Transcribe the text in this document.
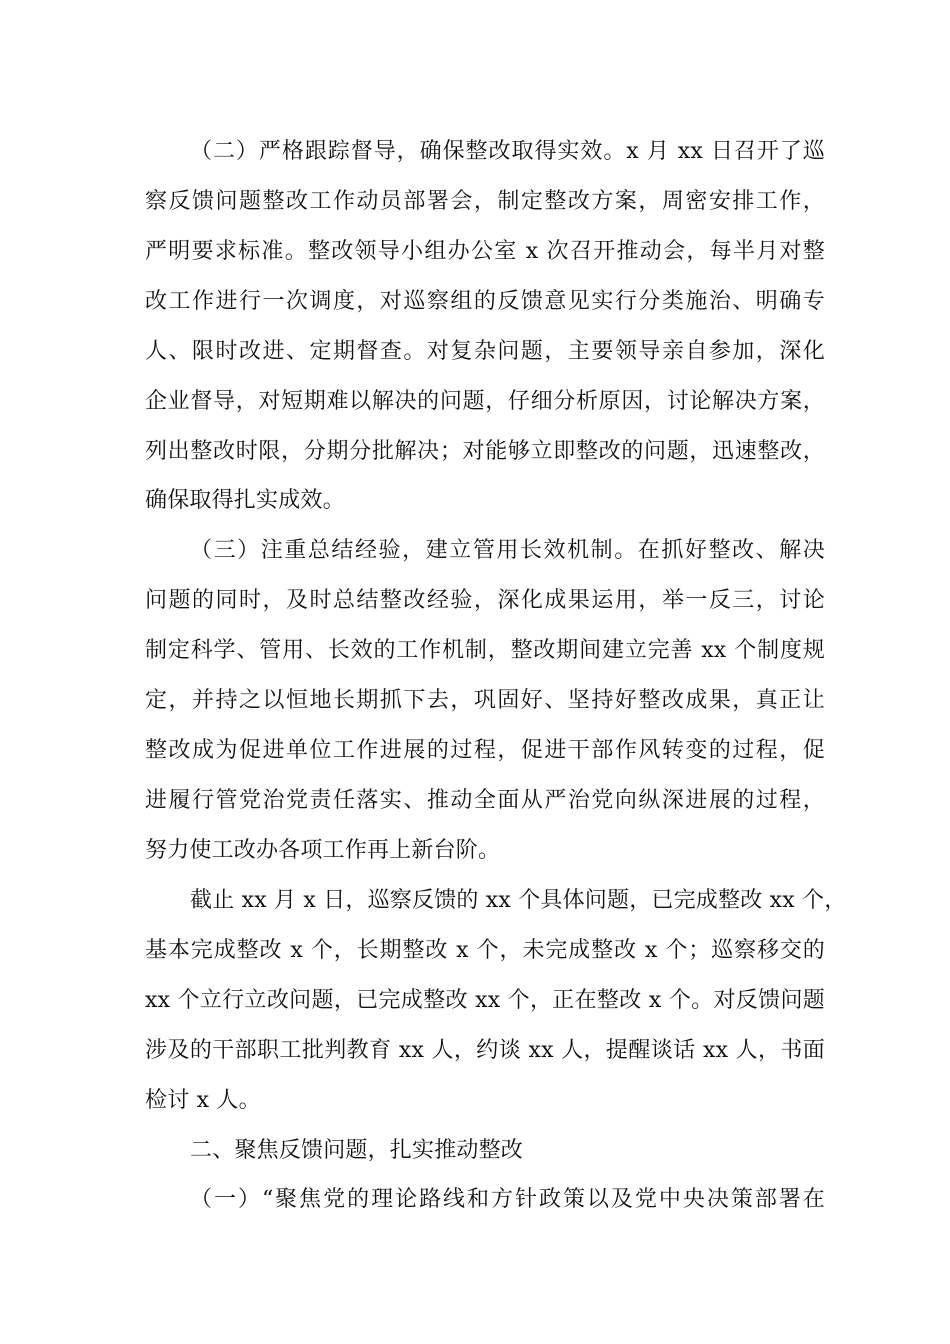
（二）严格跟踪督导，确保整改取得实效。x 月 xx 日召开了巡
察反馈问题整改工作动员部署会，制定整改方案，周密安排工作，
严明要求标准。整改领导小组办公室 x 次召开推动会，每半月对整
改工作进行一次调度，对巡察组的反馈意见实行分类施治、明确专
人、限时改进、定期督查。对复杂问题，主要领导亲自参加，深化
企业督导，对短期难以解决的问题，仔细分析原因，讨论解决方案，
列出整改时限，分期分批解决；对能够立即整改的问题，迅速整改，
确保取得扎实成效。
（三）注重总结经验，建立管用长效机制。在抓好整改、解决
问题的同时，及时总结整改经验，深化成果运用，举一反三，讨论
制定科学、管用、长效的工作机制，整改期间建立完善 xx 个制度规
定，并持之以恒地长期抓下去，巩固好、坚持好整改成果，真正让
整改成为促进单位工作进展的过程，促进干部作风转变的过程，促
进履行管党治党责任落实、推动全面从严治党向纵深进展的过程，
努力使工改办各项工作再上新台阶。
截止 xx 月 x 日，巡察反馈的 xx 个具体问题，已完成整改 xx 个，
基本完成整改 x 个，长期整改 x 个，未完成整改 x 个；巡察移交的
xx 个立行立改问题，已完成整改 xx 个，正在整改 x 个。对反馈问题
涉及的干部职工批判教育 xx 人，约谈 xx 人，提醒谈话 xx 人，书面
检讨 x 人。
二、聚焦反馈问题，扎实推动整改
（一）“聚焦党的理论路线和方针政策以及党中央决策部署在
